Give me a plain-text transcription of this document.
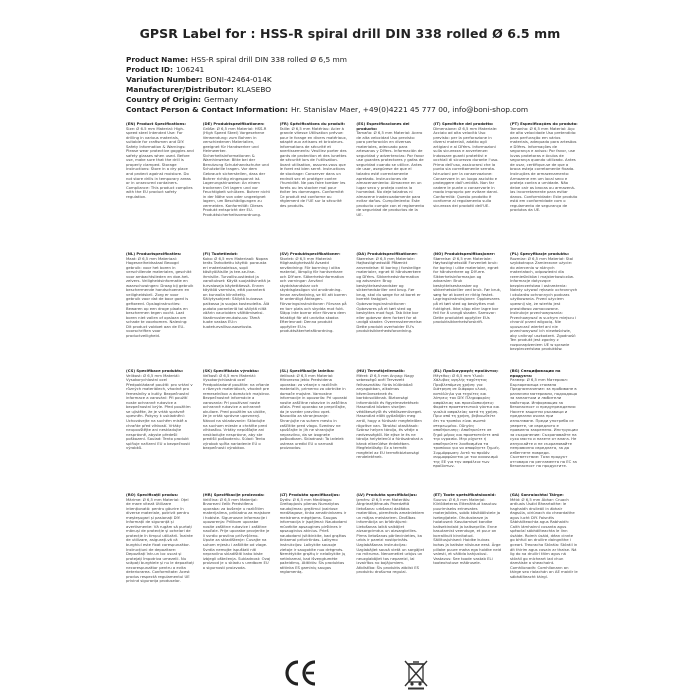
GPSR Label for : HSS-R spiral drill DIN 338 rolled Ø 6.5 mm
Product Name: HSS-R spiral drill DIN 338 rolled Ø 6,5 mm
Product ID: 106241
Variation Number: BONI-42464-014K
Manufacturer/Distributor: KLASEBO
Country of Origin: Germany
Contact Person & Contact Information: Hr. Stanislav Maer, +49(0)4221 45 777 00, info@boni-shop.com
(EN) Product Specifications:
Size: Ø 6.5 mm Material: High-speed steel Intended Use: For drilling in various materials, suitable for craftsmen and DIY. Safety Information & Warnings: Please wear protective goggles and safety glasses when used. Before use, make sure that the drill is properly clamped. Storage Instructions: Store in a dry place and protect against moisture. Do not store drills in temporary areas or in unsecured containers. Compliance: This product complies with the EU product safety regulation.
(DE) Produktspezifikationen:
Größe: Ø 6,5 mm Material: HSS-R (High Speed Steel) Vorgesehene Verwendung: zum Bohren in verschiedenen Materialien, geeignet für Handwerker und Heimwerker. Sicherheitsinformationen & Warnhinweise: Bitte bei der Benutzung Schutzhandschuhe und Schutzbrille tragen. Vor dem Gebrauch sicherstellen, dass der Bohrer richtig eingespannt ist. Lagerungshinweise: An einem trockenen Ort lagern und vor Feuchtigkeit schützen. Bohrer nicht in der Nähe von oder ungeeignet lagern, um Beschädigungen zu vermeiden. Konformität: Dieses Produkt entspricht der EU-Produktsicherheitsverordnung.
(FR) Spécifications du produit:
Taille: Ø 6,5 mm Matériau: Acier à grande vitesse Utilisation prévue: pour le forage en divers matériaux, adapté aux artisans et bricoleurs. Informations de sécurité et avertissements: Veuillez porter des gants de protection et des lunettes de sécurité lors de l'utilisation. Avant utilisation, assurez-vous que le foret est bien serré. Instructions de stockage: Conserver dans un endroit sec et protéger contre l'humidité. Ne pas faire tomber les forets ou les stocker mal pour éviter les dommages. Conformité: Ce produit est conforme au règlement de l'UE sur la sécurité des produits.
(ES) Especificaciones del producto:
Tamaño: Ø 6,5 mm Material: Acero de alta velocidad Uso previsto: para perforación en diversos materiales, adecuado para artesanos y DIYers. Información de seguridad y advertencias: Por favor use guantes protectores y gafas de seguridad cuando se utilice. Antes de usar, asegúrese de que el taladro esté correctamente apretado. Instrucciones de almacenamiento: Almacene en un lugar seco y proteja contra la humedad. No deje taladros ni almacene inadecuadamente para evitar daños. Cumplimiento: Este producto cumple con el reglamento de seguridad de productos de la UE.
(IT) Specifiche del prodotto:
Dimensione: Ø 6,5 mm Materiale: Acciaio ad alta velocità Uso previsto: per la perforazione in diversi materiali, adatto agli artigiani e ai DIYers. Informazioni sulla sicurezza e avvertenze: Indossare guanti protettivi e occhiali di sicurezza durante l'uso. Prima dell'uso, assicurarsi che la punta sia correttamente serrata. Istruzioni per la conservazione: Conservare in un luogo asciutto e proteggere dall'umidità. Non far cadere le punte o conservarle in modo improprio per evitare danni. Conformità: Questo prodotto è conforme al regolamento sulla sicurezza dei prodotti dell'UE.
(PT) Especificações do produto:
Tamanho: Ø 6,5 mm Material: Aço de alta velocidade Uso pretendido: para perfuração em vários materiais, adequado para artesãos e DIYers. Informações de segurança e avisos: Por favor, use luvas protetoras e óculos de segurança quando utilizado. Antes de usar, certifique-se de que a broca esteja corretamente fixada. Instruções de armazenamento: Armazene em um local seco e proteja contra a umidade. Não deixe cair as brocas ou armazená-las incorretamente para evitar danos. Conformidade: Este produto está em conformidade com o regulamento de segurança de produtos da UE.
(NL) Productspecificaties:
Maat: Ø 6,5 mm Materiaal: Hogesnelheidsstaal Beoogd gebruik: voor het boren in verschillende materialen, geschikt voor ambachtslieden en doe-het-zelvers. Veiligheidsinformatie en waarschuwingen: Draag bij gebruik beschermende handschoenen en veiligheidsbril. Zorg er voor gebruik voor dat de boor goed is gefixeerd. Opslaginstructies: Bewaren op een droge plaats en beschermen tegen vocht. Laat boren niet vallen of opslaan om schade te voorkomen. Naleving: Dit product voldoet aan de EU-voorschriften voor productveiligheid.
(FI) Tuotetiedot:
Koko: Ø 6,5 mm Materiaali: Nopea teräs Tarkoitettu käyttö: porausta eri materiaaleissa, sopii käsityöläisille ja tee-se-itse-ihmisille. Turvallisuustiedot ja varoitukset: Käytä suojakäsineitä ja turvalaseja käytettäessä. Ennen käyttöä varmista, että poranterä on kunnolla kiinnitetty. Säilytysohjeet: Säilytä kuivassa paikassa ja suojaa kosteudelta. Älä pudota poranteriä tai säilytä niitä väärin vaurioiden välttämiseksi. Vaatimustenmukaisuus: Tämä tuote vastaa EU:n tuoteturvallisuusasetusta.
(SV) Produktspecifikationer:
Storlek: Ø 6,5 mm Material: Höghastighetsstål Avsedd användning: För borrning i olika material, lämplig för hantverkare och DIY:are. Säkerhetsinformation och varningar: Använd skyddshandskar och skyddsglasögon vid användning. Innan användning, se till att borren är ordentligt åtdragen. Förvaringsinstruktioner: Förvara på en torr plats och skydda mot fukt. Släpp inte borrar eller förvara dem felaktigt för att undvika skador. Efterlevnad: Denna produkt uppfyller EU:s produktsäkerhetsförordning.
(DA) Produktspecifikationer:
Størrelse: Ø 6,5 mm Materiale: Højhastighedsstål Påtænkt anvendelse: til boring i forskellige materialer, egnet til håndværkere og DIYers. Sikkerhedsinformation og advarsler: Brug beskyttelseshandsker og sikkerhedsbriller ved brug. Før brug, skal du sørge for at boret er korrekt fastgjort. Opbevaringsinstruktioner: Opbevares på et tørt sted og beskyttes mod fugt. Tab ikke bor eller opbevar dem forkert for at undgå skader. Overensstemmelse: Dette produkt overholder EU's produktsikkerhedsforordning.
(NO) Produktspesifikasjoner:
Størrelse: Ø 6,5 mm Materiale: Høyhastighetsstål Forventet bruk: for boring i ulike materialer, egnet for håndverkere og DIY-ere. Sikkerhetsinformasjon og advarsler: Bruk beskyttelseshansker og sikkerhetsbriller ved bruk. Før bruk, sørg for at boret er riktig festet. Lagringsinstruksjoner: Oppbevares på et tørt sted og beskyttes mot fuktighet. Ikke slipp eller lagre bor feil for å unngå skader. Samsvar: Dette produktet oppfyller EUs produktsikkerhetsforskrift.
(PL) Specyfikacje produktu:
Rozmiar: Ø 6,5 mm Materiał: Stal szybkotnąca Zamierzone użycie: do wiercenia w różnych materiałach, odpowiedni dla rzemieślników i majsterkowiczów. Informacje dotyczące bezpieczeństwa i ostrzeżenia: Należy używać rękawic ochronnych i okularów ochronnych podczas użytkowania. Przed użyciem upewnij się, że wiertło jest prawidłowo zamocowane. Instrukcje przechowywania: Przechowywać w suchym miejscu i chronić przed wilgocią. Nie upuszczać wierteł ani nie przechowywać ich niewłaściwie, aby uniknąć uszkodzeń. Zgodność: Ten produkt jest zgodny z rozporządzeniem UE w sprawie bezpieczeństwa produktów.
(CS) Specifikace produktu:
Velikost: Ø 6,5 mm Materiál: Vysokorychlostní ocel Předpokládané použití: pro vrtání v různých materiálech, vhodné pro řemeslníky a kutily. Bezpečnostní informace a varování: Při použití noste ochranné rukavice a bezpečnostní brýle. Před použitím se ujistěte, že je vrták správně upevněn. Pokyny k uskladnění: Uchovávejte na suchém místě a chraňte před vlhkostí. Vrtáky neupouštějte ani neskladujte nesprávně, abyste předešli poškození. Soulad: Tento produkt splňuje nařízení EU o bezpečnosti výrobků.
(SK) Špecifikácia výrobku:
Veľkosť: Ø 6,5 mm Materiál: Vysokorýchlostná oceľ Predpokladané použitie: na vŕtanie v rôznych materiáloch, vhodné pre remeselníkov a domácich majstrov. Bezpečnostné informácie a varovania: Pri používaní noste ochranné rukavice a ochranné okuliare. Pred použitím sa uistite, že je vrták správne upevnený. Návod na skladovanie: Skladujte na suchom mieste a chráňte pred vlhkosťou. Vrtáky nepúšťajte ani neskladujte nesprávne, aby ste predišli poškodeniu. Súlad: Tento výrobok spĺňa nariadenie EÚ o bezpečnosti výrobkov.
(SL) Specifikacije izdelka:
Velikost: Ø 6,5 mm Material: Hitrorezno jeklo Predvidena uporaba: za vrtanje v različnih materialih, primerno za obrtnike in domače mojstre. Varnostne informacije in opozorila: Pri uporabi nosite zaščitne rokavice in zaščitna očala. Pred uporabo se prepričajte, da je sveder pravilno vpet. Navodila za shranjevanje: Shranjujte na suhem mestu in zaščitite pred vlago. Svedrov ne spuščajte in jih ne shranjujte nepravilno, da se izognete poškodbam. Skladnost: Ta izdelek ustreza uredbi EU o varnosti proizvodov.
(HU) Termékjellemzők:
Méret: Ø 6,5 mm Anyag: Nagy sebességű acél Tervezett felhasználás: fúrás különböző anyagokban, alkalmas kézműveseknek és barkácsolóknak. Biztonsági információk és figyelmeztetések: Használat közben viseljen védőkesztyűt és védőszemüveget. Használat előtt győződjön meg arról, hogy a fúrószár megfelelően rögzítve van. Tárolási utasítások: Száraz helyen tárolja, és védje a nedvességtől. Ne ejtse le és ne tárolja helytelenül a fúrószárakat a károk elkerülése érdekében. Megfelelőség: Ez a termék megfelel az EU termékbiztonsági rendeletének.
(EL) Προδιαγραφές προϊόντος:
Μέγεθος: Ø 6,5 mm Υλικό: Χάλυβας υψηλής ταχύτητας Προβλεπόμενη χρήση: για διάτρηση σε διάφορα υλικά, κατάλληλο για τεχνίτες και λάτρεις του DIY. Πληροφορίες ασφάλειας και προειδοποιήσεις: Φοράτε προστατευτικά γάντια και γυαλιά ασφαλείας κατά τη χρήση. Πριν από τη χρήση, βεβαιωθείτε ότι το τρυπάνι είναι σωστά στερεωμένο. Οδηγίες αποθήκευσης: Αποθηκεύετε σε ξηρό μέρος και προστατεύετε από την υγρασία. Μην ρίχνετε ή αποθηκεύετε λανθασμένα τα τρυπάνια για να αποφύγετε ζημιές. Συμμόρφωση: Αυτό το προϊόν συμμορφώνεται με τον κανονισμό της ΕΕ για την ασφάλεια των προϊόντων.
(BG) Спецификации на продукта:
Размер: Ø 6,5 mm Материал: Бързорежеща стомана Предназначение: за пробиване в различни материали, подходящо за занаятчии и любители майстори. Информация за безопасност и предупреждения: Носете защитни ръкавици и предпазни очила при използване. Преди употреба се уверете, че свредлото е правилно закрепено. Инструкции за съхранение: Съхранявайте на сухо място и пазете от влага. Не изпускайте и не съхранявайте неправилно свредлата, за да избегнете повреди. Съответствие: Този продукт отговаря на регламента на ЕС за безопасност на продуктите.
(RO) Specificații produs:
Mărime: Ø 6,5 mm Material: Oțel de mare viteză Utilizare intenționată: pentru găurire în diverse materiale, potrivit pentru meșteșugari și pasionați DIY. Informații de siguranță și avertismente: Vă rugăm să purtați mănuși de protecție și ochelari de protecție în timpul utilizării. Înainte de utilizare, asigurați-vă că burghiul este fixat corespunzător. Instrucțiuni de depozitare: Depozitați într-un loc uscat și protejați împotriva umezelii. Nu scăpați burghiele și nu le depozitați necorespunzător pentru a evita deteriorarea. Conformitate: Acest produs respectă regulamentul UE privind siguranța produselor.
(HR) Specifikacije proizvoda:
Veličina: Ø 6,5 mm Materijal: Brzorezni čelik Predviđena uporaba: za bušenje u različitim materijalima, prikladno za majstore i hobiste. Sigurnosne informacije i upozorenja: Prilikom uporabe nosite zaštitne rukavice i zaštitne naočale. Prije uporabe provjerite je li svrdlo pravilno pričvršćeno. Upute za skladištenje: Čuvajte na suhom mjestu i zaštitite od vlage. Svrdla nemojte ispuštati niti nepravilno skladištiti kako biste izbjegli oštećenja. Sukladnost: Ovaj proizvod je u skladu s uredbom EU o sigurnosti proizvoda.
(LT) Produkto specifikacijos:
Dydis: Ø 6,5 mm Medžiaga: Greitapjovis plienas Numatytas naudojimas: gręžimui įvairiose medžiagose, tinka amatininkams ir meistrams mėgėjams. Saugos informacija ir įspėjimai: Naudodami mūvėkite apsaugines pirštines ir apsauginius akinius. Prieš naudodami įsitikinkite, kad grąžtas tinkamai pritvirtintas. Laikymo instrukcijos: Laikykite sausoje vietoje ir saugokite nuo drėgmės. Nemėtykite grąžtų ir nelaikykite jų netinkamai, kad išvengtumėte pažeidimų. Atitiktis: Šis produktas atitinka ES gaminių saugos reglamentą.
(LV) Produkta specifikācijas:
Izmērs: Ø 6,5 mm Materiāls: Ātrgriezējtērauds Paredzētā lietošana: urbšanai dažādos materiālos, piemērots amatniekiem un mājas meistariem. Drošības informācija un brīdinājumi: Lietošanas laikā valkājiet aizsargcimdus un aizsargbrilles. Pirms lietošanas pārliecinieties, ka urbis ir pareizi nostiprināts. Uzglabāšanas instrukcijas: Uzglabājiet sausā vietā un sargājiet no mitruma. Nenometiet urbjus un neuzglabājiet tos nepareizi, lai izvairītos no bojājumiem. Atbilstība: Šis produkts atbilst ES produktu drošuma regulai.
(ET) Toote spetsifikatsioonid:
Suurus: Ø 6,5 mm Materjal: Kiirlõiketeras Ettenähtud kasutus: puurimiseks erinevates materjalides, sobib käsitöölistele ja isetegijatele. Ohutusteave ja hoiatused: Kasutamisel kandke kaitsekindaid ja kaitseprille. Enne kasutamist veenduge, et puur on korralikult kinnitatud. Säilitusjuhised: Hoidke kuivas kohas ja kaitske niiskuse eest. Ärge pillake puure maha ega hoidke neid valesti, et vältida kahjustusi. Vastavus: See toode vastab ELi tooteohutuse määrusele.
(GA) Sonraíochtaí Táirge:
Méid: Ø 6,5 mm Ábhar: Cruach ardluais Úsáid Bheartaithe: le haghaidh druileáil in ábhair éagsúla, oiriúnach do cheardaithe agus lucht DIY. Faisnéis Sábháilteachta agus Rabhaidh: Caith lámhainní cosanta agus spéaclaí sábháilteachta le linn úsáide. Roimh úsáid, déan cinnte go bhfuil an druilire daingnithe i gceart. Treoracha Stórála: Stóráil in áit thirim agus cosain ar thaise. Ná lig do na druilirí titim agus ná stóráil go mícheart iad chun damáiste a sheachaint. Comhlíonadh: Comhlíonann an táirge seo rialachán an AE maidir le sábháilteacht táirgí.
